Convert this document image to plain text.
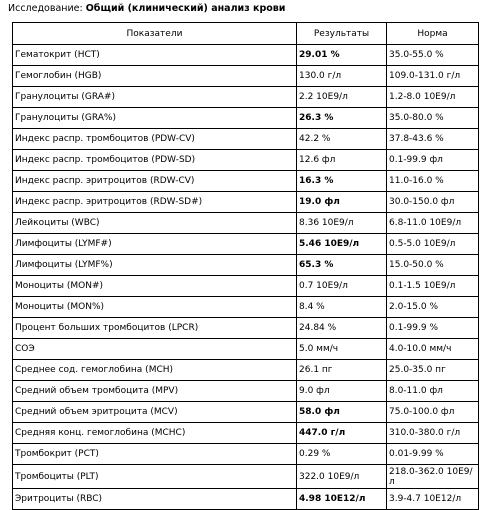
Исследование: Общий (клинический) анализ крови
Показатели	Результаты	Норма
Гематокрит (HCT)	29.01 %	35.0-55.0 %
Гемоглобин (HGB)	130.0 г/л	109.0-131.0 г/л
Гранулоциты (GRA#)	2.2 10E9/л	1.2-8.0 10E9/л
Гранулоциты (GRA%)	26.3 %	35.0-80.0 %
Индекс распр. тромбоцитов (PDW-CV)	42.2 %	37.8-43.6 %
Индекс распр. тромбоцитов (PDW-SD)	12.6 фл	0.1-99.9 фл
Индекс распр. эритроцитов (RDW-CV)	16.3 %	11.0-16.0 %
Индекс распр. эритроцитов (RDW-SD#)	19.0 фл	30.0-150.0 фл
Лейкоциты (WBC)	8.36 10E9/л	6.8-11.0 10E9/л
Лимфоциты (LYMF#)	5.46 10E9/л	0.5-5.0 10E9/л
Лимфоциты (LYMF%)	65.3 %	15.0-50.0 %
Моноциты (MON#)	0.7 10E9/л	0.1-1.5 10E9/л
Моноциты (MON%)	8.4 %	2.0-15.0 %
Процент больших тромбоцитов (LPCR)	24.84 %	0.1-99.9 %
СОЭ	5.0 мм/ч	4.0-10.0 мм/ч
Среднее сод. гемоглобина (MCH)	26.1 пг	25.0-35.0 пг
Средний объем тромбоцита (MPV)	9.0 фл	8.0-11.0 фл
Средний объем эритроцита (MCV)	58.0 фл	75.0-100.0 фл
Средняя конц. гемоглобина (MCHC)	447.0 г/л	310.0-380.0 г/л
Тромбокрит (PCT)	0.29 %	0.01-9.99 %
Тромбоциты (PLT)	322.0 10E9/л	218.0-362.0 10E9/л
Эритроциты (RBC)	4.98 10E12/л	3.9-4.7 10E12/л
